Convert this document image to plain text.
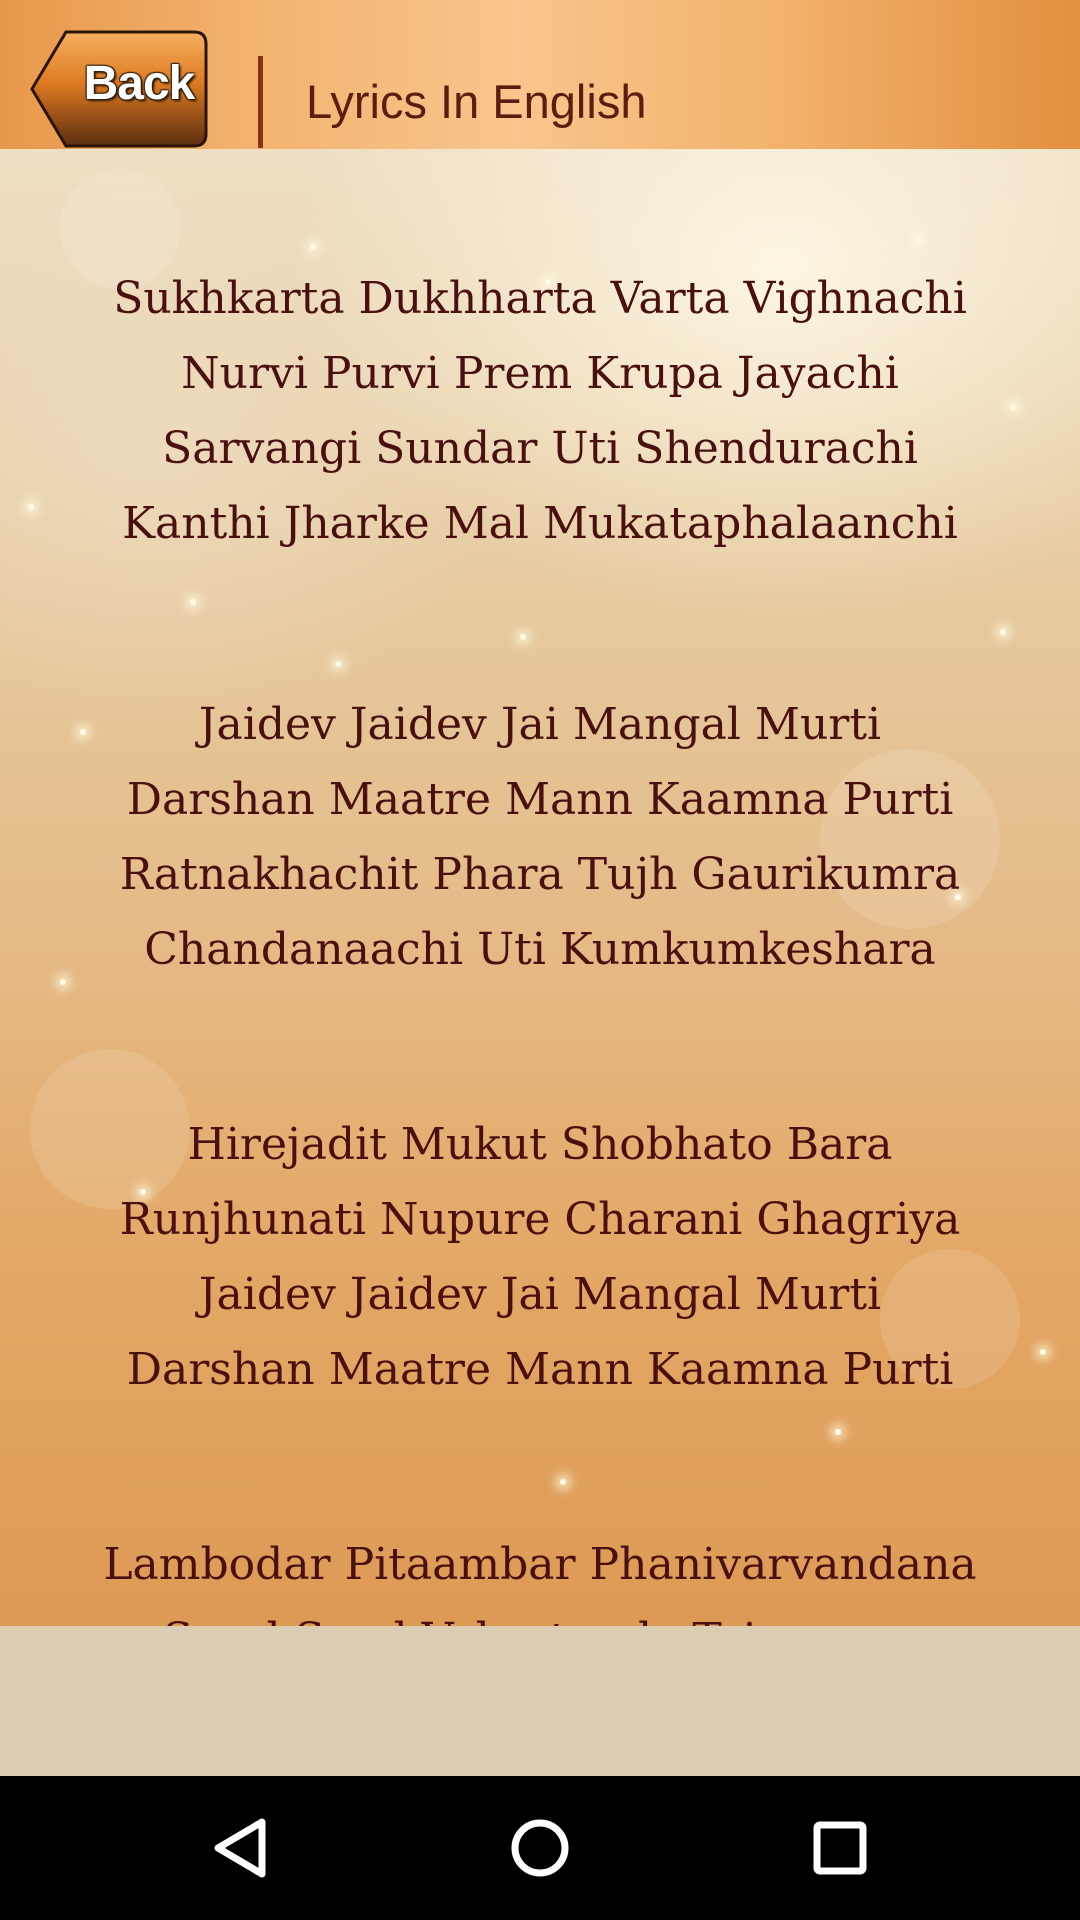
Back Lyrics In English
Sukhkarta Dukhharta Varta Vighnachi
Nurvi Purvi Prem Krupa Jayachi
Sarvangi Sundar Uti Shendurachi
Kanthi Jharke Mal Mukataphalaanchi
Jaidev Jaidev Jai Mangal Murti
Darshan Maatre Mann Kaamna Purti
Ratnakhachit Phara Tujh Gaurikumra
Chandanaachi Uti Kumkumkeshara
Hirejadit Mukut Shobhato Bara
Runjhunati Nupure Charani Ghagriya
Jaidev Jaidev Jai Mangal Murti
Darshan Maatre Mann Kaamna Purti
Lambodar Pitaambar Phanivarvandana
